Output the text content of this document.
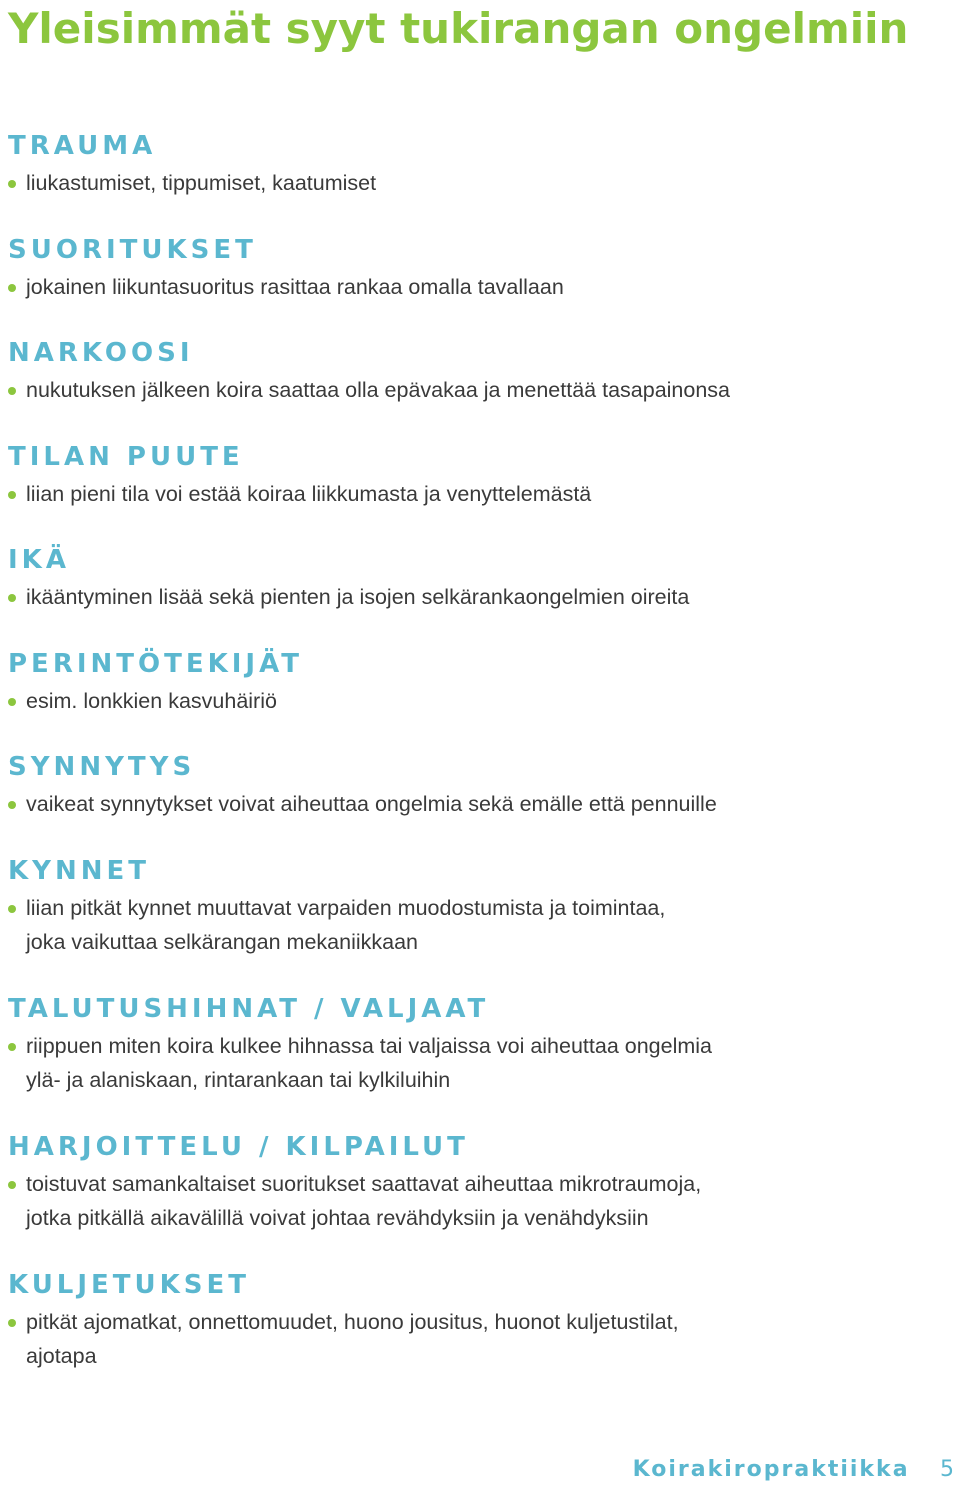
Yleisimmät syyt tukirangan ongelmiin
TRAUMA
liukastumiset, tippumiset, kaatumiset
SUORITUKSET
jokainen liikuntasuoritus rasittaa rankaa omalla tavallaan
NARKOOSI
nukutuksen jälkeen koira saattaa olla epävakaa ja menettää tasapainonsa
TILAN PUUTE
liian pieni tila voi estää koiraa liikkumasta ja venyttelemästä
IKÄ
ikääntyminen lisää sekä pienten ja isojen selkärankaongelmien oireita
PERINTÖTEKIJÄT
esim. lonkkien kasvuhäiriö
SYNNYTYS
vaikeat synnytykset voivat aiheuttaa ongelmia sekä emälle että pennuille
KYNNET
liian pitkät kynnet muuttavat varpaiden muodostumista ja toimintaa,
joka vaikuttaa selkärangan mekaniikkaan
TALUTUSHIHNAT / VALJAAT
riippuen miten koira kulkee hihnassa tai valjaissa voi aiheuttaa ongelmia
ylä- ja alaniskaan, rintarankaan tai kylkiluihin
HARJOITTELU / KILPAILUT
toistuvat samankaltaiset suoritukset saattavat aiheuttaa mikrotraumoja,
jotka pitkällä aikavälillä voivat johtaa revähdyksiin ja venähdyksiin
KULJETUKSET
pitkät ajomatkat, onnettomuudet, huono jousitus, huonot kuljetustilat,
ajotapa
Koirakiropraktiikka 5
